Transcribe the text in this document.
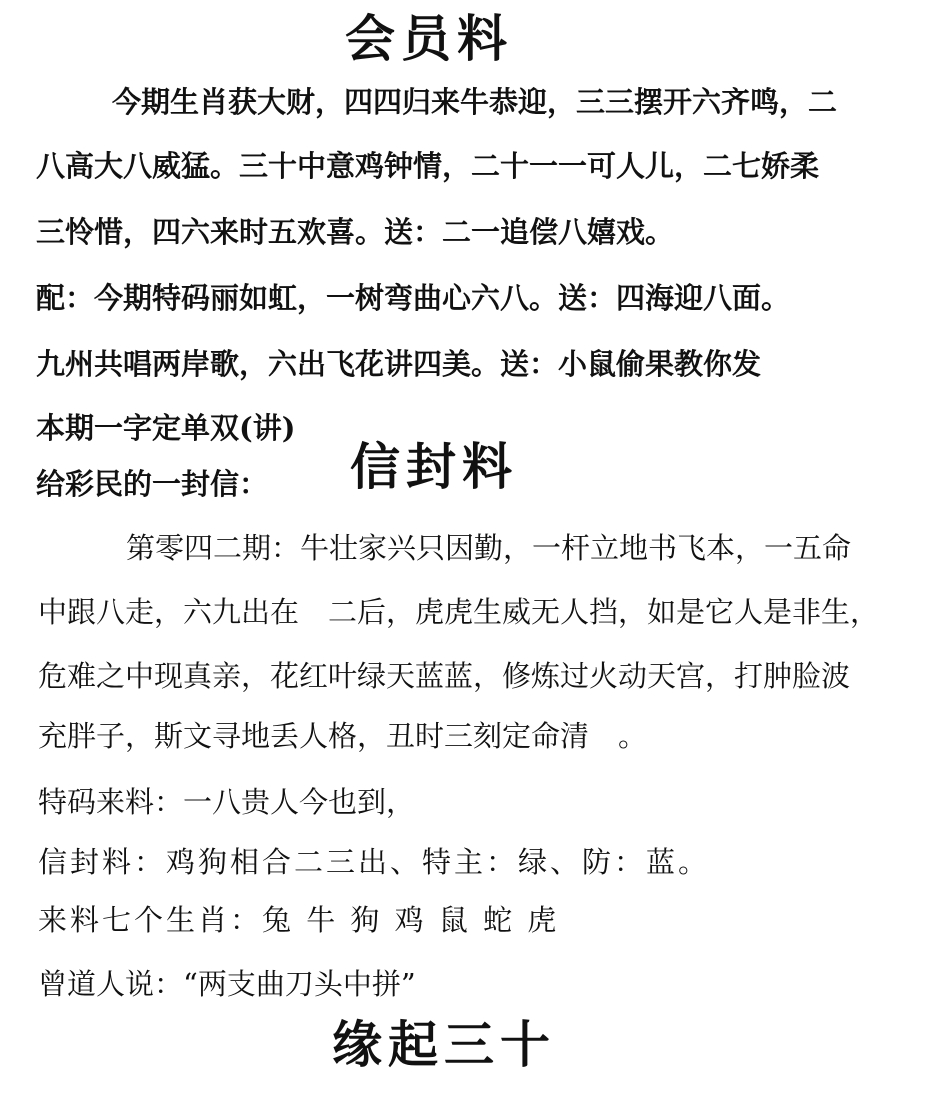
会员料
今期生肖获大财，四四归来牛恭迎，三三摆开六齐鸣，二
八高大八威猛。三十中意鸡钟情，二十一一可人儿，二七娇柔
三怜惜，四六来时五欢喜。送：二一追偿八嬉戏。
配：今期特码丽如虹，一树弯曲心六八。送：四海迎八面。
九州共唱两岸歌，六出飞花讲四美。送：小鼠偷果教你发
本期一字定单双(讲)
给彩民的一封信： 信封料
第零四二期：牛壮家兴只因勤，一杆立地书飞本，一五命
中跟八走，六九出在　二后，虎虎生威无人挡，如是它人是非生，
危难之中现真亲，花红叶绿天蓝蓝，修炼过火动天宫，打肿脸波
充胖子，斯文寻地丢人格，丑时三刻定命清　。
特码来料：一八贵人今也到，
信封料：鸡狗相合二三出、特主：绿、防：蓝。
来料七个生肖：兔 牛 狗 鸡 鼠 蛇 虎
曾道人说：“两支曲刀头中拼”
缘起三十
